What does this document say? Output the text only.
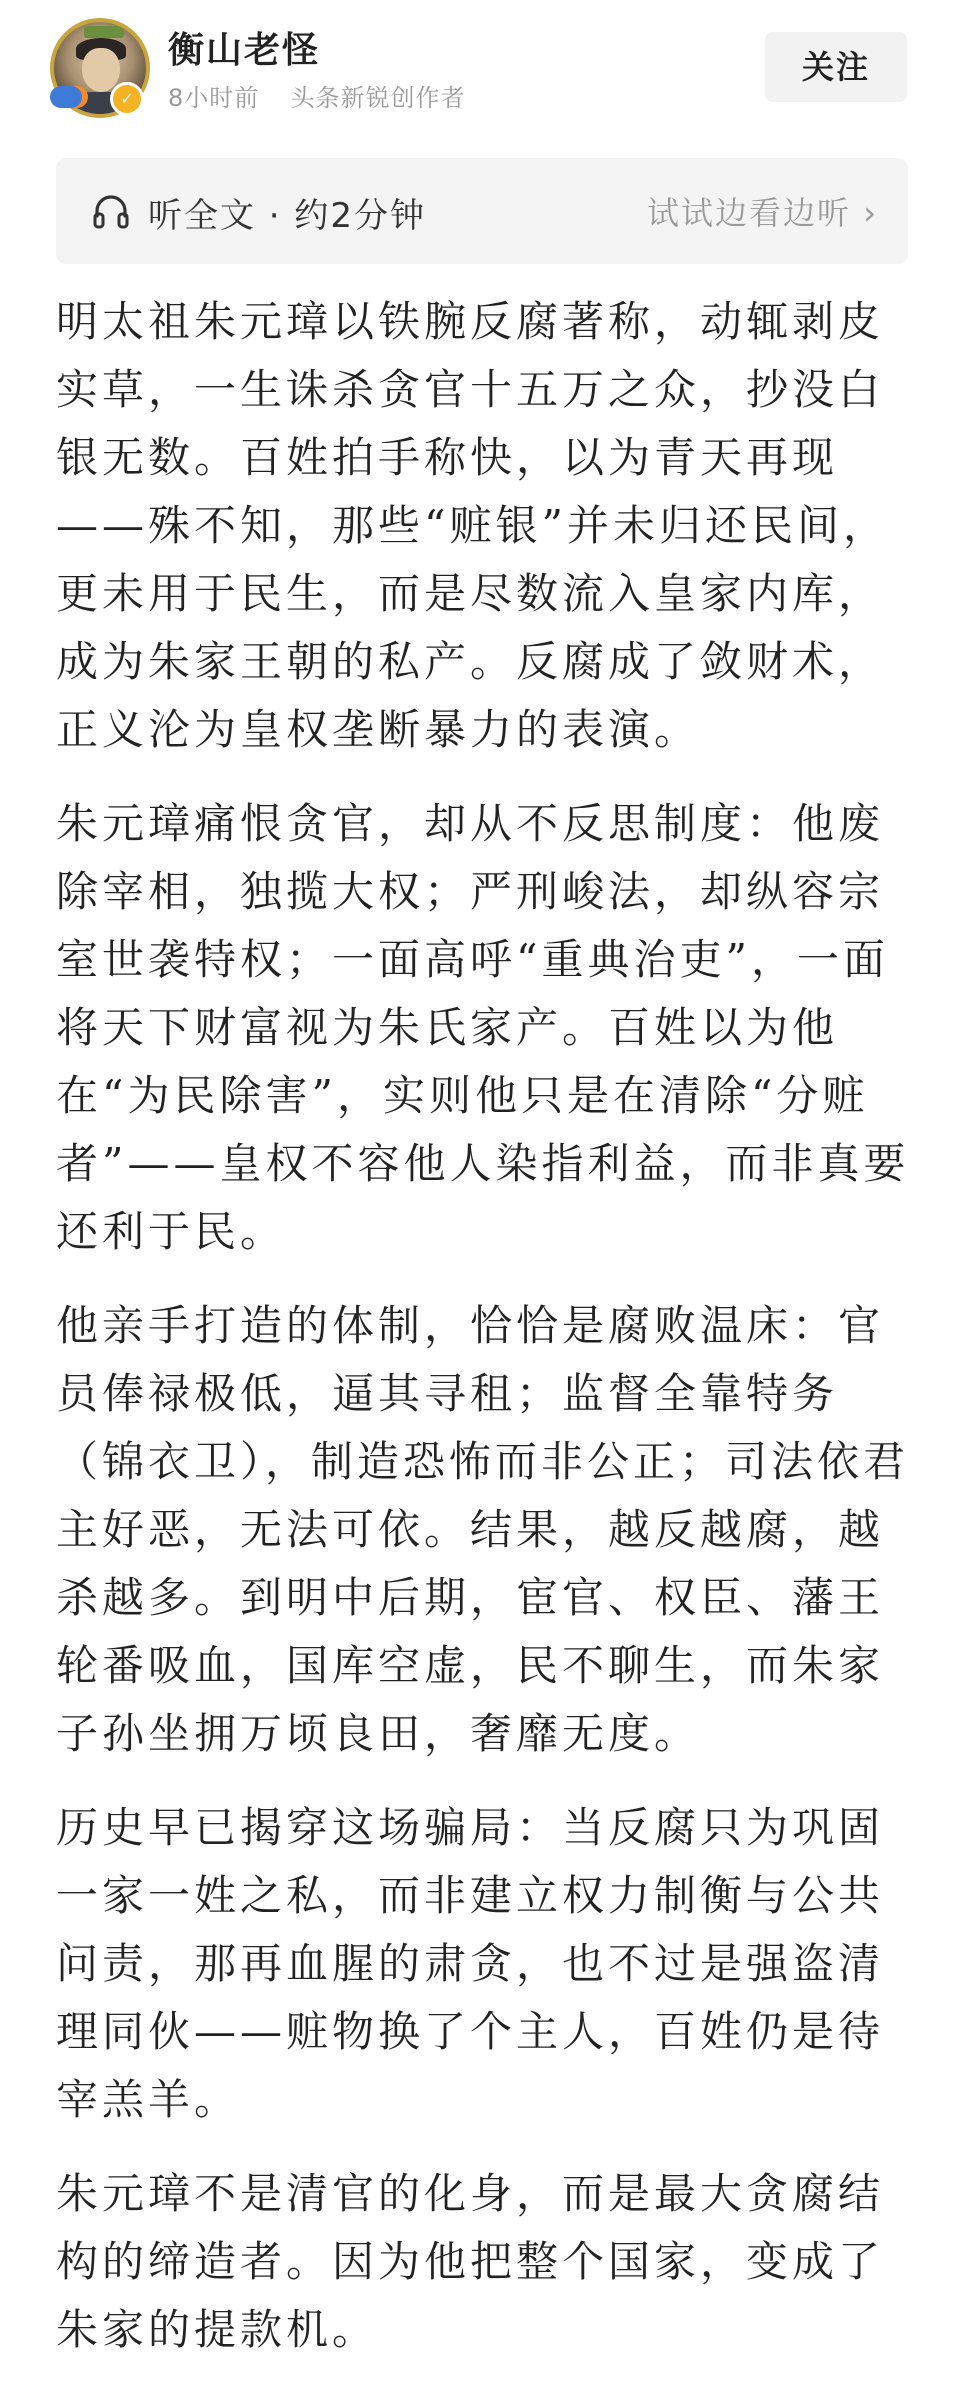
✓
衡山老怪
8小时前 头条新锐创作者
关注
听全文 · 约2分钟	试试边看边听 ›

明太祖朱元璋以铁腕反腐著称，动辄剥皮实草，一生诛杀贪官十五万之众，抄没白银无数。百姓拍手称快，以为青天再现——殊不知，那些“赃银”并未归还民间，更未用于民生，而是尽数流入皇家内库，成为朱家王朝的私产。反腐成了敛财术，正义沦为皇权垄断暴力的表演。

朱元璋痛恨贪官，却从不反思制度：他废除宰相，独揽大权；严刑峻法，却纵容宗室世袭特权；一面高呼“重典治吏”，一面将天下财富视为朱氏家产。百姓以为他在“为民除害”，实则他只是在清除“分赃者”——皇权不容他人染指利益，而非真要还利于民。

他亲手打造的体制，恰恰是腐败温床：官员俸禄极低，逼其寻租；监督全靠特务（锦衣卫），制造恐怖而非公正；司法依君主好恶，无法可依。结果，越反越腐，越杀越多。到明中后期，宦官、权臣、藩王轮番吸血，国库空虚，民不聊生，而朱家子孙坐拥万顷良田，奢靡无度。

历史早已揭穿这场骗局：当反腐只为巩固一家一姓之私，而非建立权力制衡与公共问责，那再血腥的肃贪，也不过是强盗清理同伙——赃物换了个主人，百姓仍是待宰羔羊。

朱元璋不是清官的化身，而是最大贪腐结构的缔造者。因为他把整个国家，变成了朱家的提款机。
